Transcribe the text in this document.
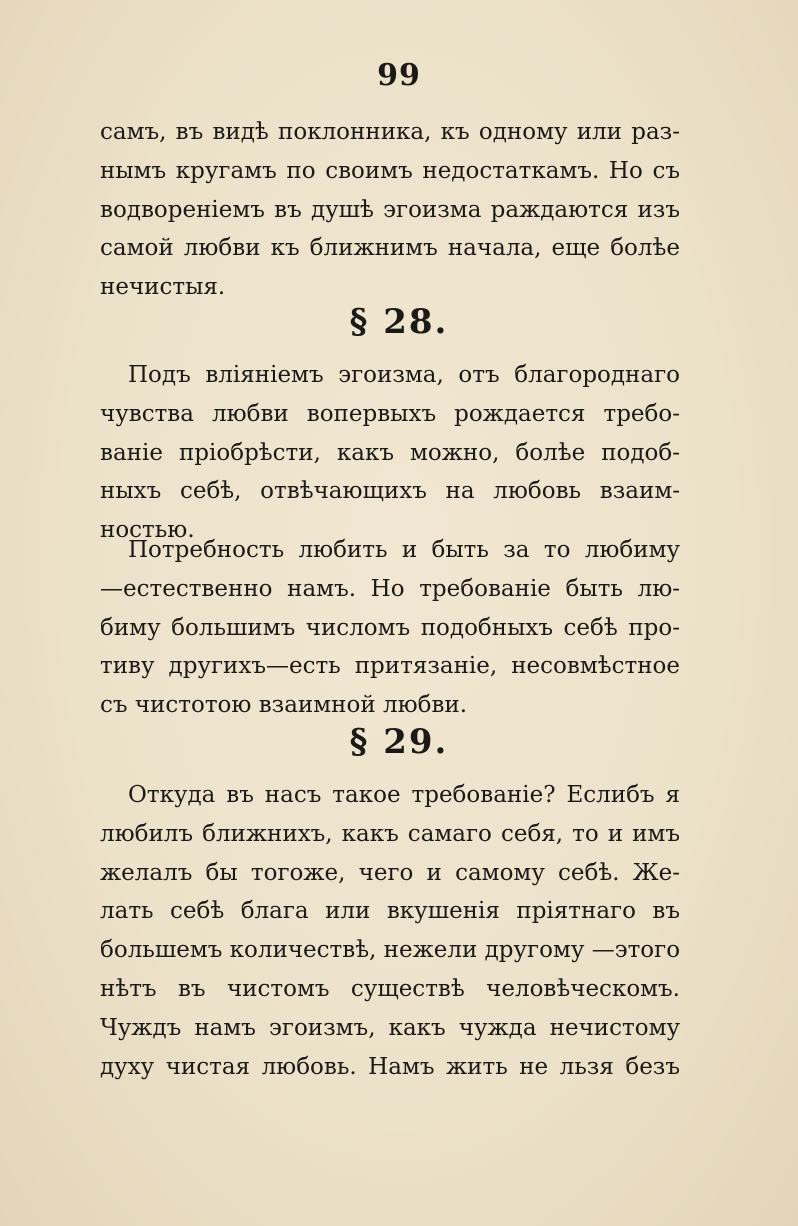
99
самъ, въ видѣ поклонника, къ одному или раз-
нымъ кругамъ по своимъ недостаткамъ. Но съ
водвореніемъ въ душѣ эгоизма раждаются изъ
самой любви къ ближнимъ начала, еще болѣе
нечистыя.
§ 28.
Подъ вліяніемъ эгоизма, отъ благороднаго
чувства любви вопервыхъ рождается требо-
ваніе пріобрѣсти, какъ можно, болѣе подоб-
ныхъ себѣ, отвѣчающихъ на любовь взаим-
ностью.
Потребность любить и быть за то любиму
—естественно намъ. Но требованіе быть лю-
биму большимъ числомъ подобныхъ себѣ про-
тиву другихъ—есть притязаніе, несовмѣстное
съ чистотою взаимной любви.
§ 29.
Откуда въ насъ такое требованіе? Еслибъ я
любилъ ближнихъ, какъ самаго себя, то и имъ
желалъ бы тогоже, чего и самому себѣ. Же-
лать себѣ блага или вкушенія пріятнаго въ
большемъ количествѣ, нежели другому —этого
нѣтъ въ чистомъ существѣ человѣческомъ.
Чуждъ намъ эгоизмъ, какъ чужда нечистому
духу чистая любовь. Намъ жить не льзя безъ
